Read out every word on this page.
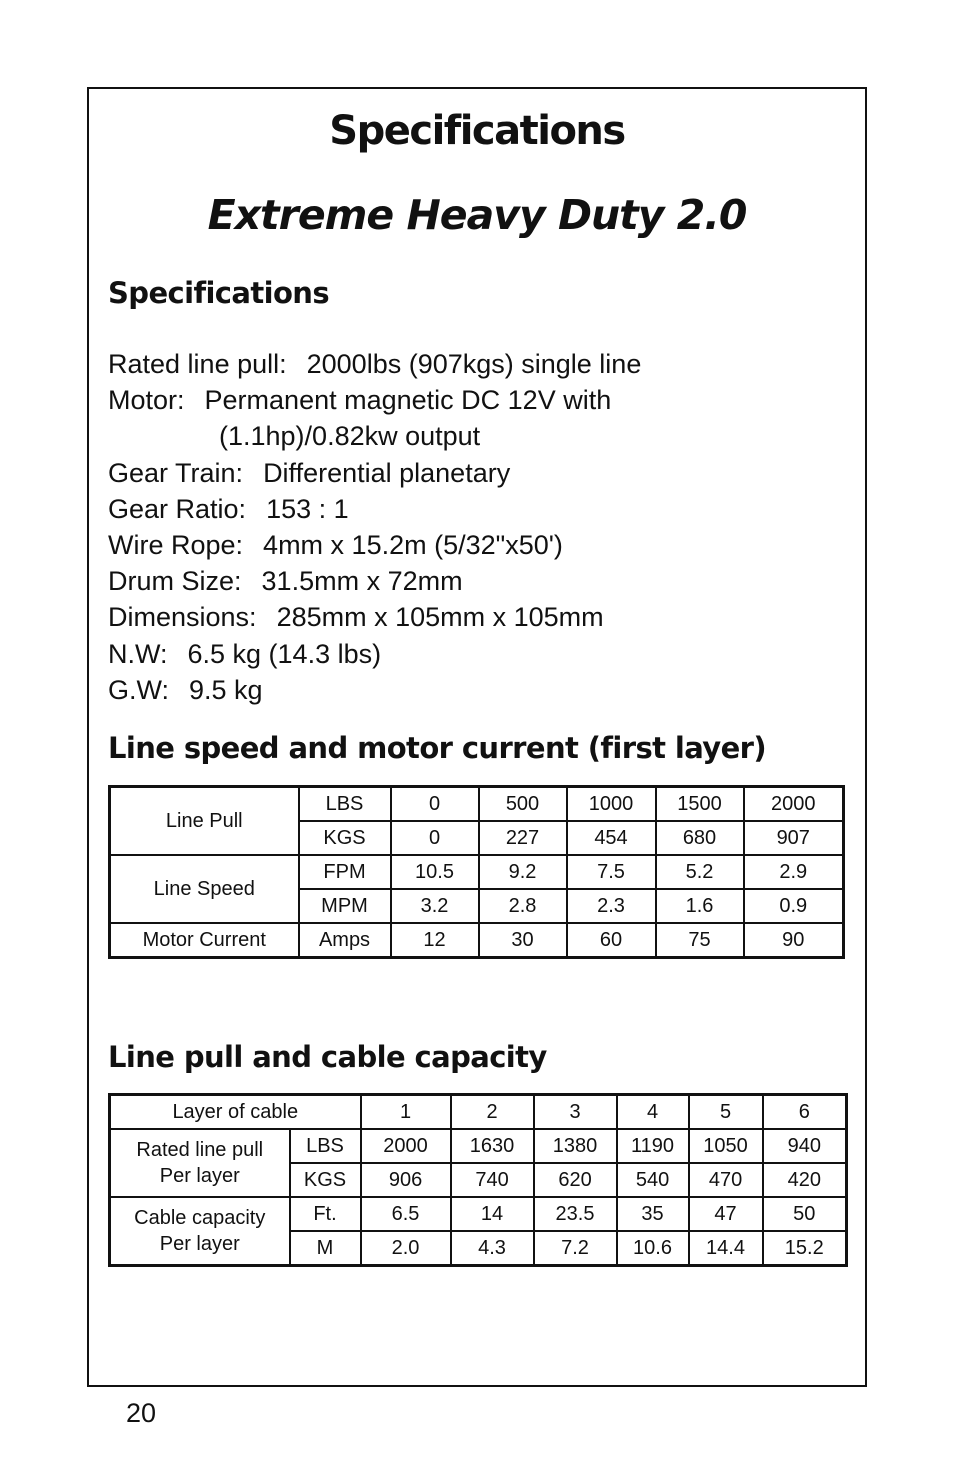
Specifications
Extreme Heavy Duty 2.0
Specifications
Rated line pull: 2000lbs (907kgs) single line
Motor: Permanent magnetic DC 12V with
(1.1hp)/0.82kw output
Gear Train: Differential planetary
Gear Ratio: 153 : 1
Wire Rope: 4mm x 15.2m (5/32"x50')
Drum Size: 31.5mm x 72mm
Dimensions: 285mm x 105mm x 105mm
N.W: 6.5 kg (14.3 lbs)
G.W: 9.5 kg
Line speed and motor current (first layer)
Line Pull	LBS	0	500	1000	1500	2000
	KGS	0	227	454	680	907
Line Speed	FPM	10.5	9.2	7.5	5.2	2.9
	MPM	3.2	2.8	2.3	1.6	0.9
Motor Current	Amps	12	30	60	75	90
Line pull and cable capacity
Layer of cable		1	2	3	4	5	6
Rated line pull
Per layer	LBS	2000	1630	1380	1190	1050	940
	KGS	906	740	620	540	470	420
Cable capacity
Per layer	Ft.	6.5	14	23.5	35	47	50
	M	2.0	4.3	7.2	10.6	14.4	15.2
20
